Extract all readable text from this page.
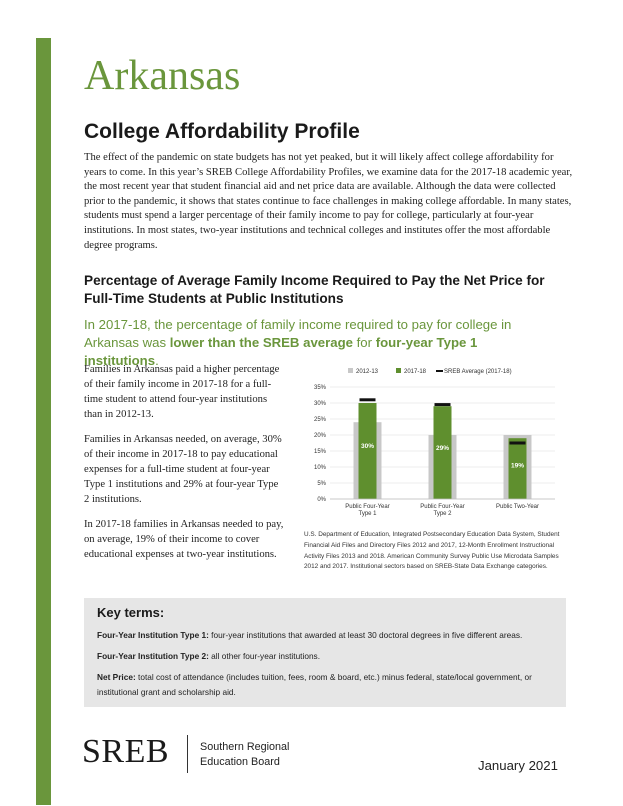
Arkansas
College Affordability Profile

The effect of the pandemic on state budgets has not yet peaked, but it will likely affect college affordability for years to come. In this year’s SREB College Affordability Profiles, we examine data for the 2017-18 academic year, the most recent year that student financial aid and net price data are available. Although the data were collected prior to the pandemic, it shows that states continue to face challenges in making college affordable. In many states, students must spend a larger percentage of their family income to pay for college, particularly at four-year institutions. In most states, two-year institutions and technical colleges and institutes offer the most affordable degree programs.

Percentage of Average Family Income Required to Pay the Net Price for Full-Time Students at Public Institutions

In 2017-18, the percentage of family income required to pay for college in Arkansas was lower than the SREB average for four-year Type 1 institutions.

Families in Arkansas paid a higher percentage of their family income in 2017-18 for a full-time student to attend four-year institutions than in 2012-13.

Families in Arkansas needed, on average, 30% of their income in 2017-18 to pay educational expenses for a full-time student at four-year Type 1 institutions and 29% at four-year Type 2 institutions.

In 2017-18 families in Arkansas needed to pay, on average, 19% of their income to cover educational expenses at two-year institutions.

0%
5%
10%
15%
20%
25%
30%
35%
2012-13	2017-18	SREB Average (2017-18)
30%
Public Four-Year
Type 1
29%
Public Four-Year
Type 2
19%
Public Two-Year

U.S. Department of Education, Integrated Postsecondary Education Data System, Student Financial Aid Files and Directory Files 2012 and 2017, 12-Month Enrollment Instructional Activity Files 2013 and 2018. American Community Survey Public Use Microdata Samples 2012 and 2017. Institutional sectors based on SREB-State Data Exchange categories.

Key terms:

Four-Year Institution Type 1: four-year institutions that awarded at least 30 doctoral degrees in five different areas.

Four-Year Institution Type 2: all other four-year institutions.

Net Price: total cost of attendance (includes tuition, fees, room & board, etc.) minus federal, state/local government, or institutional grant and scholarship aid.

SREB	Southern Regional
Education Board	January 2021
